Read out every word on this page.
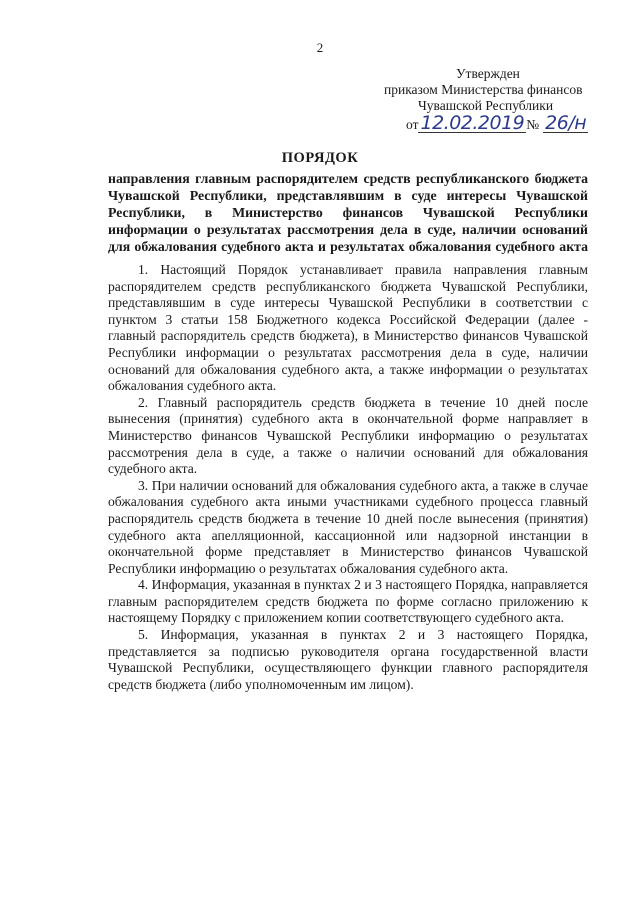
2
Утвержден
приказом Министерства финансов
Чувашской Республики
от 12.02.2019 № 26/н
ПОРЯДОК
направления главным распорядителем средств республиканского бюджета Чувашской Республики, представлявшим в суде интересы Чувашской Республики, в Министерство финансов Чувашской Республики информации о результатах рассмотрения дела в суде, наличии оснований для обжалования судебного акта и результатах обжалования судебного акта

1. Настоящий Порядок устанавливает правила направления главным распорядителем средств республиканского бюджета Чувашской Республики, представлявшим в суде интересы Чувашской Республики в соответствии с пунктом 3 статьи 158 Бюджетного кодекса Российской Федерации (далее - главный распорядитель средств бюджета), в Министерство финансов Чувашской Республики информации о результатах рассмотрения дела в суде, наличии оснований для обжалования судебного акта, а также информации о результатах обжалования судебного акта.

2. Главный распорядитель средств бюджета в течение 10 дней после вынесения (принятия) судебного акта в окончательной форме направляет в Министерство финансов Чувашской Республики информацию о результатах рассмотрения дела в суде, а также о наличии оснований для обжалования судебного акта.

3. При наличии оснований для обжалования судебного акта, а также в случае обжалования судебного акта иными участниками судебного процесса главный распорядитель средств бюджета в течение 10 дней после вынесения (принятия) судебного акта апелляционной, кассационной или надзорной инстанции в окончательной форме представляет в Министерство финансов Чувашской Республики информацию о результатах обжалования судебного акта.

4. Информация, указанная в пунктах 2 и 3 настоящего Порядка, направляется главным распорядителем средств бюджета по форме согласно приложению к настоящему Порядку с приложением копии соответствующего судебного акта.

5. Информация, указанная в пунктах 2 и 3 настоящего Порядка, представляется за подписью руководителя органа государственной власти Чувашской Республики, осуществляющего функции главного распорядителя средств бюджета (либо уполномоченным им лицом).
